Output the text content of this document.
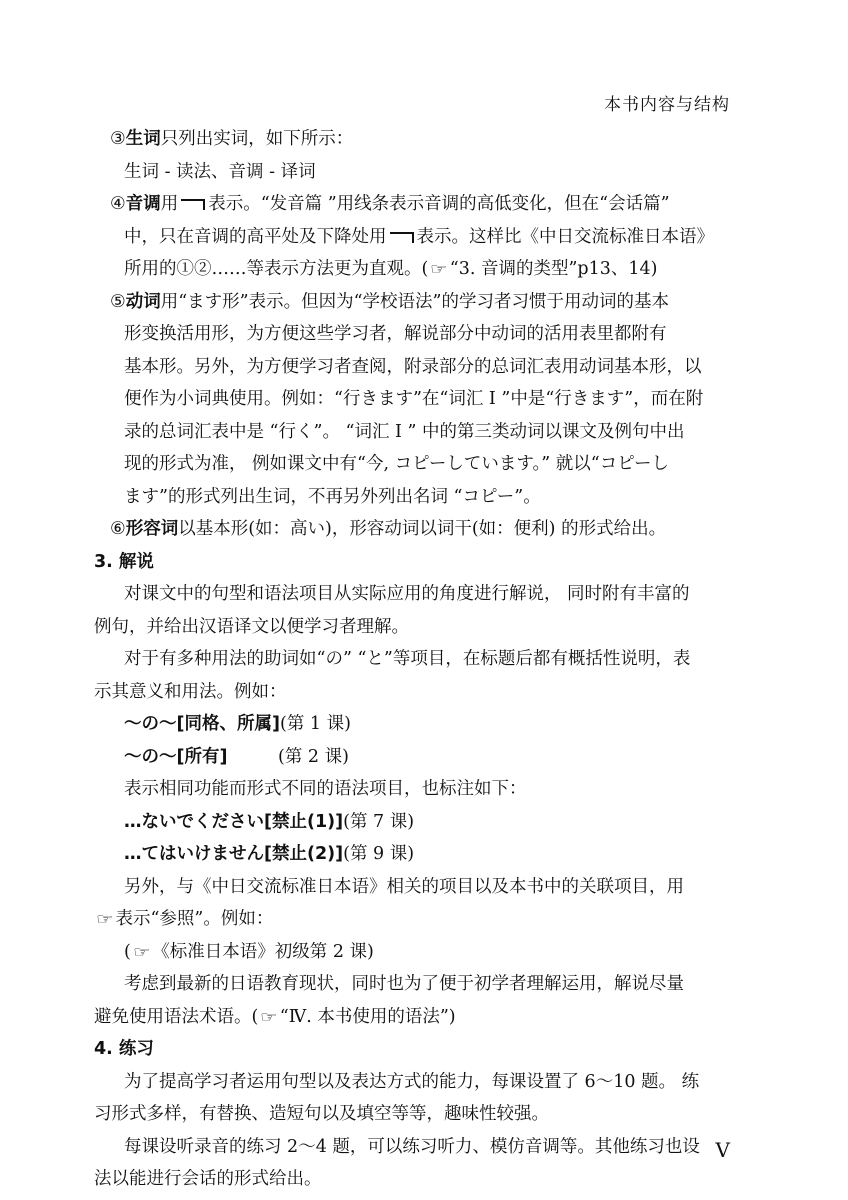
本书内容与结构
③生词只列出实词，如下所示：
生词 - 读法、音调 - 译词
④音调用 表示。“发音篇 ”用线条表示音调的高低变化，但在“会话篇”
中，只在音调的高平处及下降处用 表示。这样比《中日交流标准日本语》
所用的①②……等表示方法更为直观。( ☞ “3. 音调的类型”p13、14)
⑤动词用“ます形”表示。但因为“学校语法”的学习者习惯于用动词的基本
形变换活用形，为方便这些学习者，解说部分中动词的活用表里都附有
基本形。另外，为方便学习者查阅，附录部分的总词汇表用动词基本形，以
便作为小词典使用。例如：“行きます”在“词汇 I ”中是“行きます”，而在附
录的总词汇表中是 “行く”。 “词汇 I ” 中的第三类动词以课文及例句中出
现的形式为准， 例如课文中有“今, コピーしています。” 就以“コピーし
ます”的形式列出生词，不再另外列出名词 “コピー”。
⑥形容词以基本形(如：高い)，形容动词以词干(如：便利) 的形式给出。
3. 解说
对课文中的句型和语法项目从实际应用的角度进行解说， 同时附有丰富的
例句，并给出汉语译文以便学习者理解。
对于有多种用法的助词如“の” “と”等项目，在标题后都有概括性说明，表
示其意义和用法。例如：
～の～[同格、所属](第 1 课)
～の～[所有]	(第 2 课)
表示相同功能而形式不同的语法项目，也标注如下：
…ないでください[禁止(1)](第 7 课)
…てはいけません[禁止(2)](第 9 课)
另外，与《中日交流标准日本语》相关的项目以及本书中的关联项目，用
☞ 表示“参照”。例如：
( ☞ 《标准日本语》初级第 2 课)
考虑到最新的日语教育现状，同时也为了便于初学者理解运用，解说尽量
避免使用语法术语。( ☞ “Ⅳ. 本书使用的语法”)
4. 练习
为了提高学习者运用句型以及表达方式的能力，每课设置了 6～10 题。 练
习形式多样，有替换、造短句以及填空等等，趣味性较强。
每课设听录音的练习 2～4 题，可以练习听力、模仿音调等。其他练习也设
法以能进行会话的形式给出。
V
